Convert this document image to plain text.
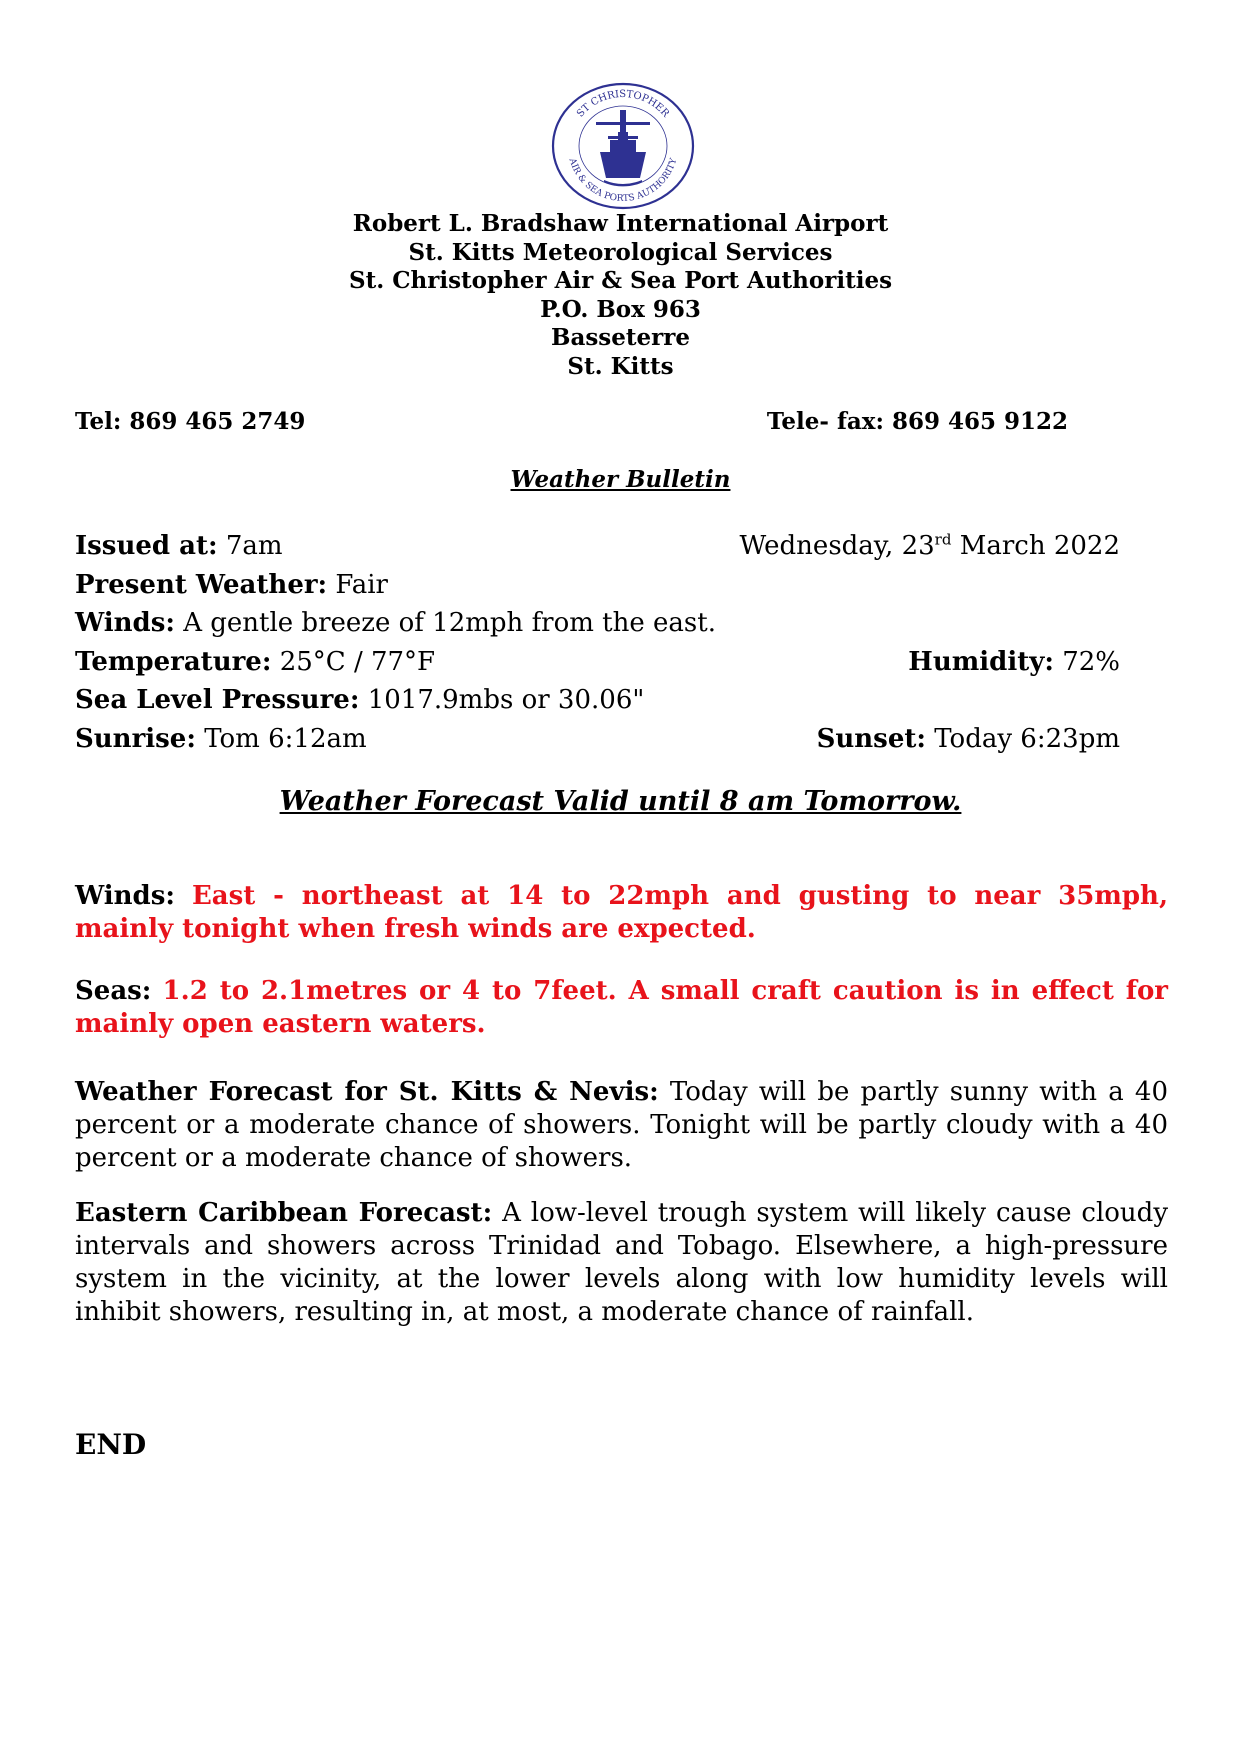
ST CHRISTOPHER
AIR & SEA PORTS AUTHORITY
Robert L. Bradshaw International Airport
St. Kitts Meteorological Services
St. Christopher Air & Sea Port Authorities
P.O. Box 963
Basseterre
St. Kitts
Tel: 869 465 2749	Tele- fax: 869 465 9122
Weather Bulletin
Issued at: 7am	Wednesday, 23rd March 2022
Present Weather: Fair
Winds: A gentle breeze of 12mph from the east.
Temperature: 25°C / 77°F	Humidity: 72%
Sea Level Pressure: 1017.9mbs or 30.06"
Sunrise: Tom 6:12am	Sunset: Today 6:23pm
Weather Forecast Valid until 8 am Tomorrow.
Winds: East - northeast at 14 to 22mph and gusting to near 35mph, mainly tonight when fresh winds are expected.
Seas: 1.2 to 2.1metres or 4 to 7feet. A small craft caution is in effect for mainly open eastern waters.
Weather Forecast for St. Kitts & Nevis: Today will be partly sunny with a 40 percent or a moderate chance of showers. Tonight will be partly cloudy with a 40 percent or a moderate chance of showers.
Eastern Caribbean Forecast: A low-level trough system will likely cause cloudy intervals and showers across Trinidad and Tobago. Elsewhere, a high-pressure system in the vicinity, at the lower levels along with low humidity levels will inhibit showers, resulting in, at most, a moderate chance of rainfall.
END
